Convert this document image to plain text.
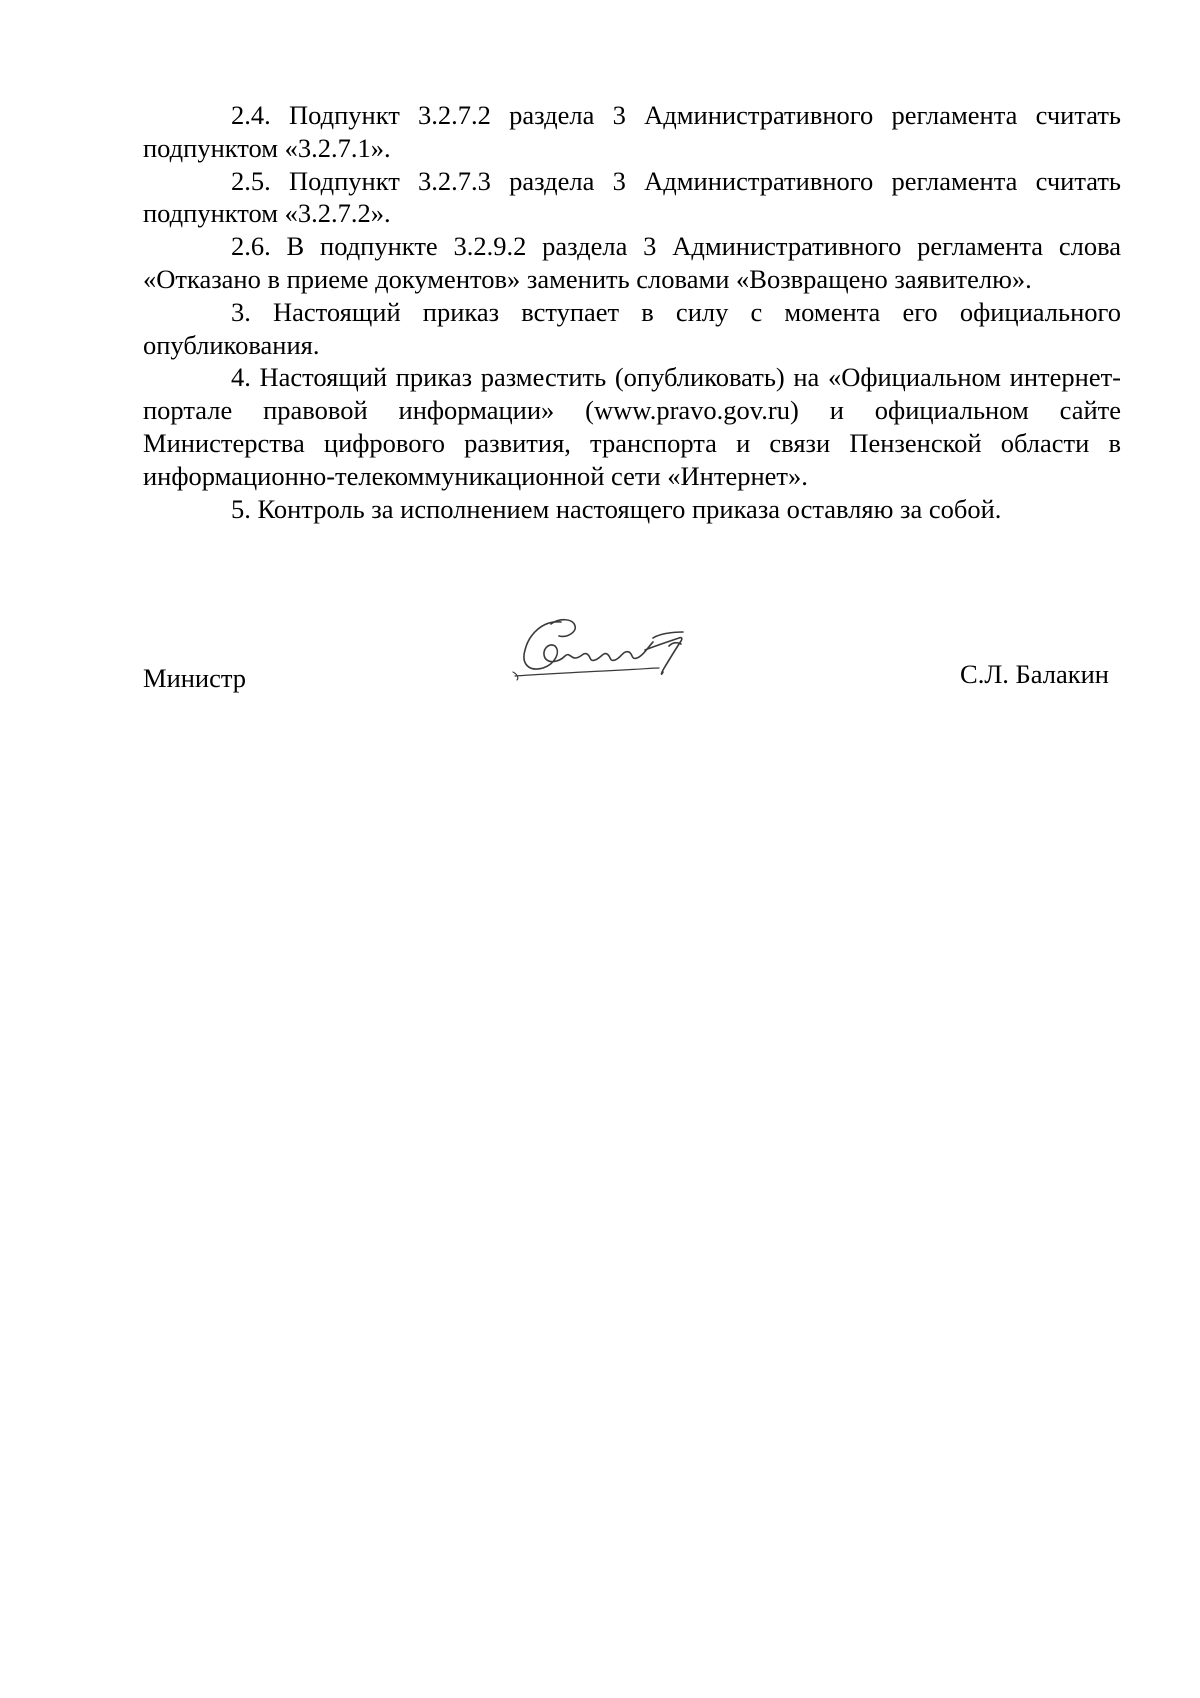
2.4. Подпункт 3.2.7.2 раздела 3 Административного регламента считать подпунктом «3.2.7.1».

2.5. Подпункт 3.2.7.3 раздела 3 Административного регламента считать подпунктом «3.2.7.2».

2.6. В подпункте 3.2.9.2 раздела 3 Административного регламента слова «Отказано в приеме документов» заменить словами «Возвращено заявителю».

3. Настоящий приказ вступает в силу с момента его официального опубликования.

4. Настоящий приказ разместить (опубликовать) на «Официальном интернет-портале правовой информации» (www.pravo.gov.ru) и официальном сайте Министерства цифрового развития, транспорта и связи Пензенской области в информационно-телекоммуникационной сети «Интернет».

5. Контроль за исполнением настоящего приказа оставляю за собой.

Министр	С.Л. Балакин
